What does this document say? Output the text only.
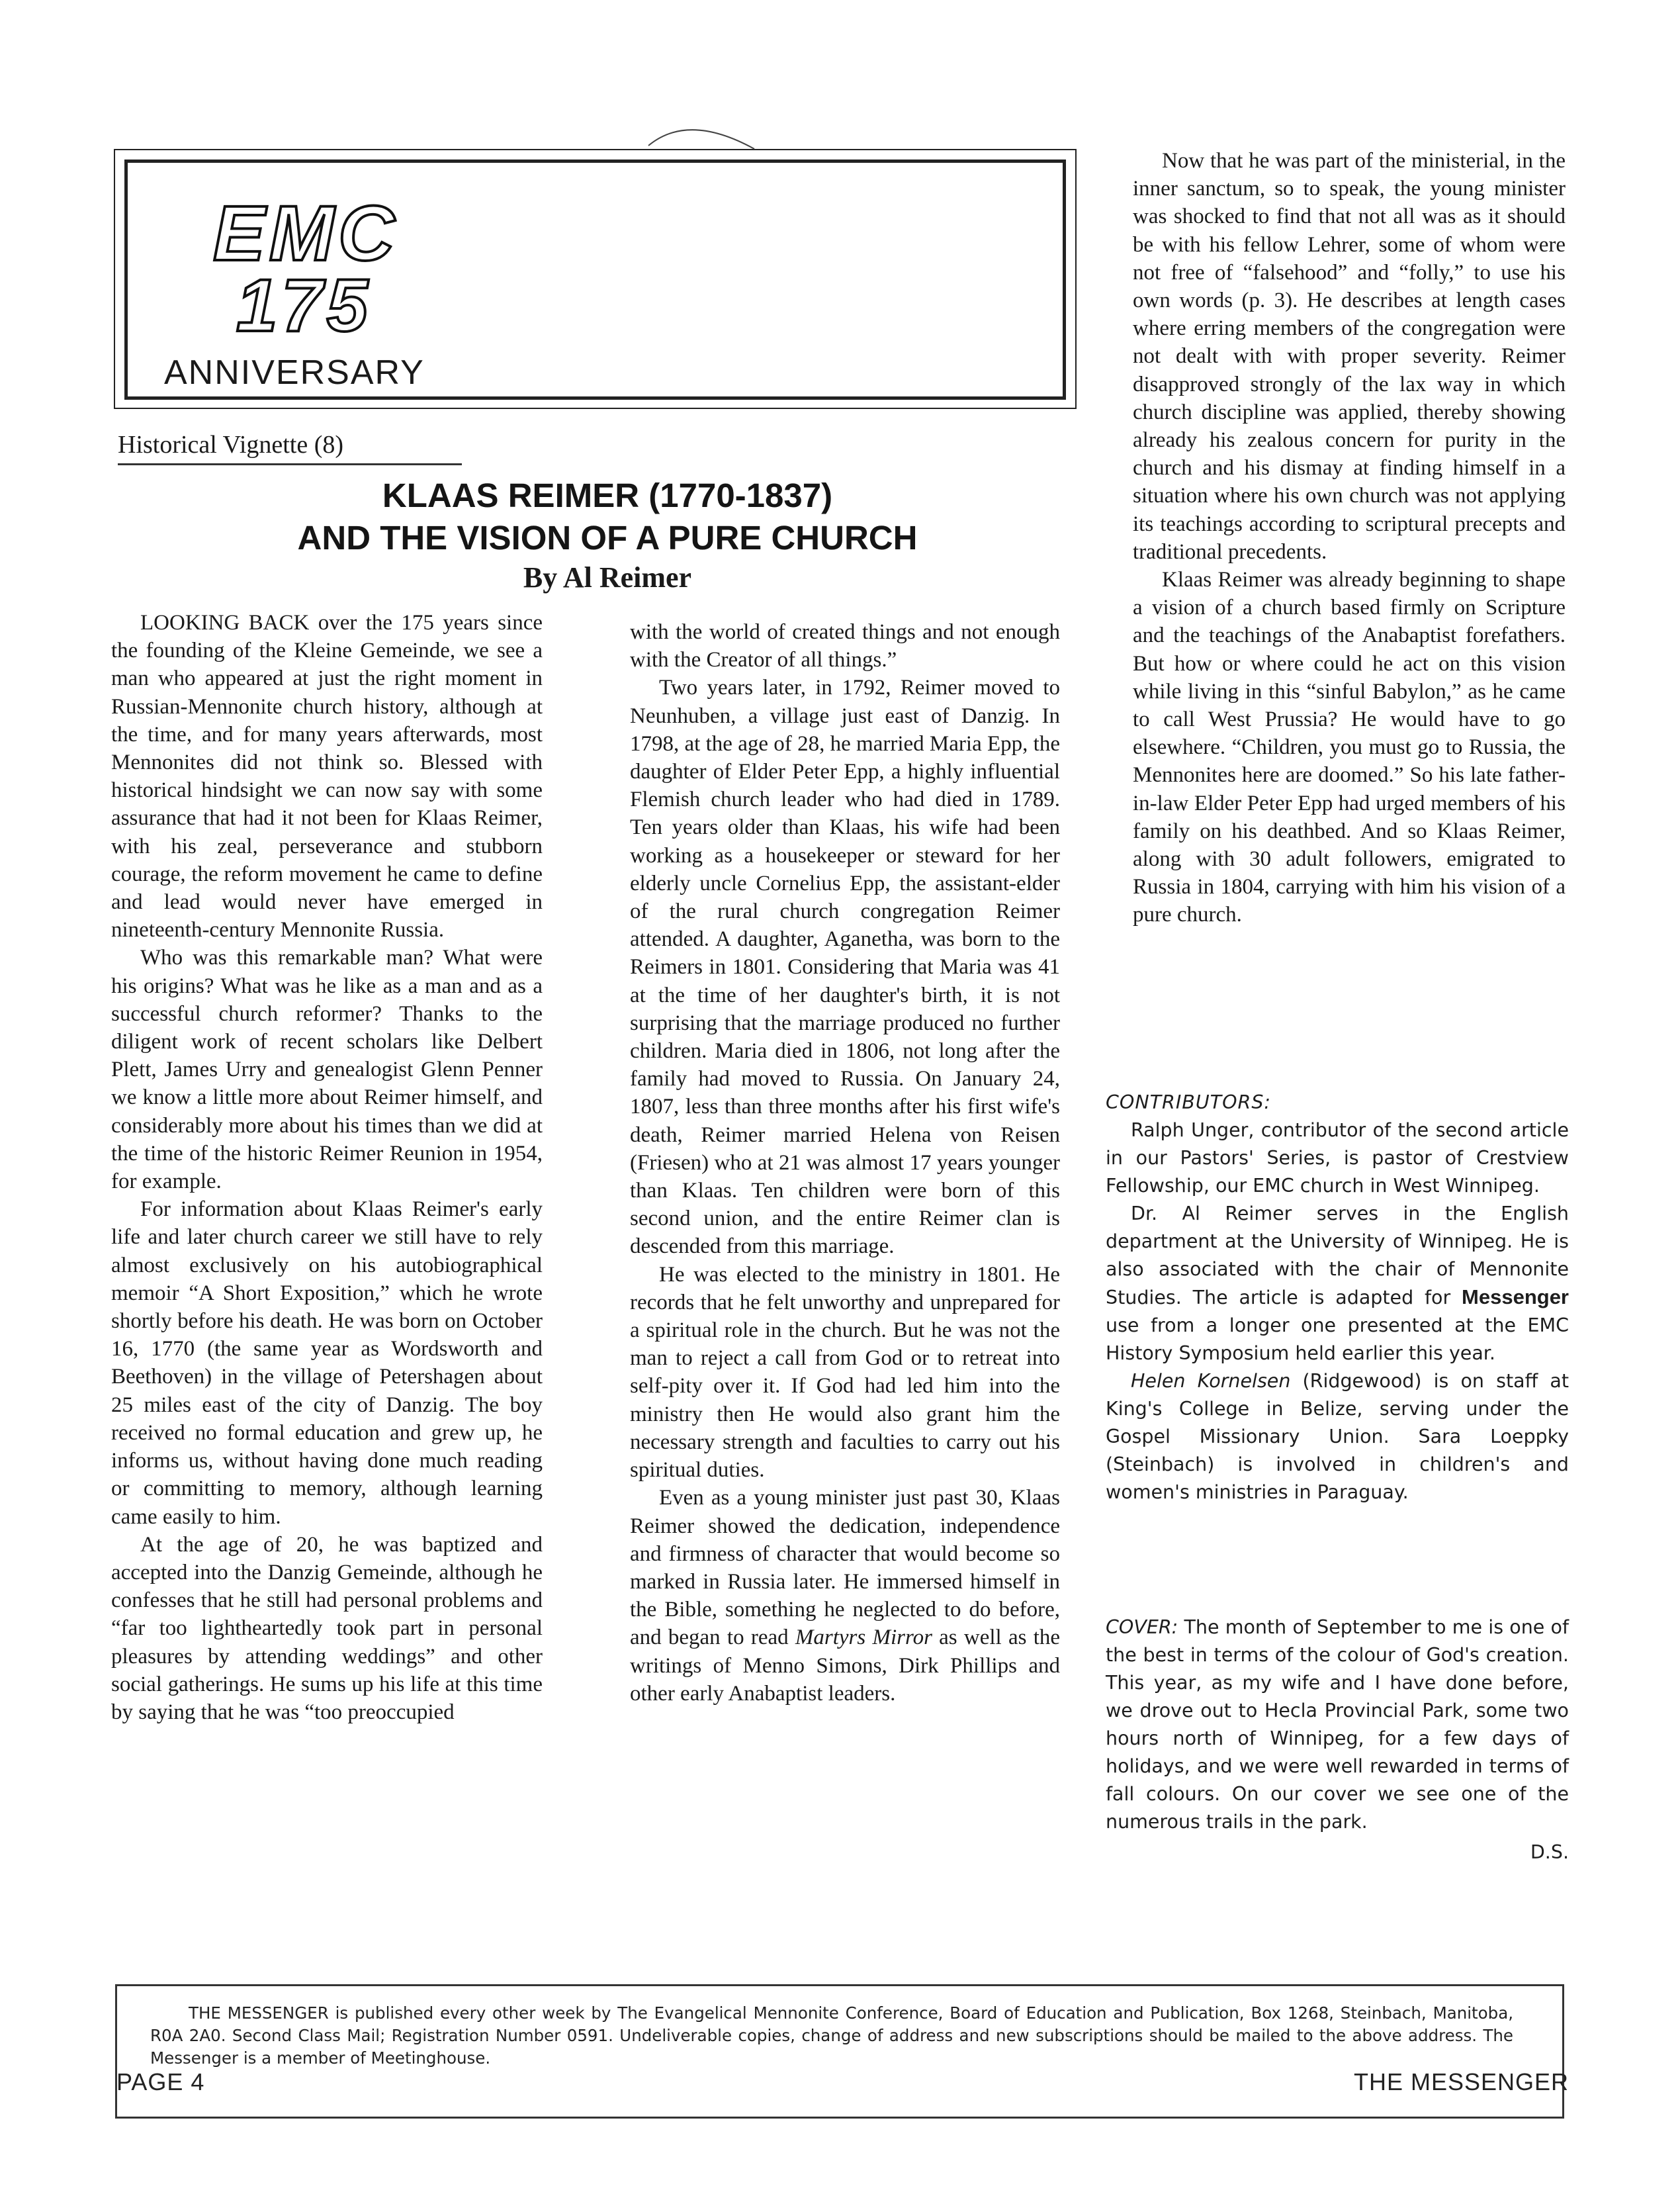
EMC
175
ANNIVERSARY
Historical Vignette (8)
KLAAS REIMER (1770-1837)
AND THE VISION OF A PURE CHURCH
By Al Reimer

LOOKING BACK over the 175 years since the founding of the Kleine Gemeinde, we see a man who appeared at just the right moment in Russian-Mennonite church history, although at the time, and for many years afterwards, most Mennonites did not think so. Blessed with historical hindsight we can now say with some assurance that had it not been for Klaas Reimer, with his zeal, perseverance and stubborn courage, the reform movement he came to define and lead would never have emerged in nineteenth-century Mennonite Russia.

Who was this remarkable man? What were his origins? What was he like as a man and as a successful church reformer? Thanks to the diligent work of recent scholars like Delbert Plett, James Urry and genealogist Glenn Penner we know a little more about Reimer himself, and considerably more about his times than we did at the time of the historic Reimer Reunion in 1954, for example.

For information about Klaas Reimer's early life and later church career we still have to rely almost exclusively on his autobiographical memoir “A Short Exposition,” which he wrote shortly before his death. He was born on October 16, 1770 (the same year as Wordsworth and Beethoven) in the village of Petershagen about 25 miles east of the city of Danzig. The boy received no formal education and grew up, he informs us, without having done much reading or committing to memory, although learning came easily to him.

At the age of 20, he was baptized and accepted into the Danzig Gemeinde, although he confesses that he still had personal problems and “far too lightheartedly took part in personal pleasures by attending weddings” and other social gatherings. He sums up his life at this time by saying that he was “too preoccupied

with the world of created things and not enough with the Creator of all things.”

Two years later, in 1792, Reimer moved to Neunhuben, a village just east of Danzig. In 1798, at the age of 28, he married Maria Epp, the daughter of Elder Peter Epp, a highly influential Flemish church leader who had died in 1789. Ten years older than Klaas, his wife had been working as a housekeeper or steward for her elderly uncle Cornelius Epp, the assistant-elder of the rural church congregation Reimer attended. A daughter, Aganetha, was born to the Reimers in 1801. Considering that Maria was 41 at the time of her daughter's birth, it is not surprising that the marriage produced no further children. Maria died in 1806, not long after the family had moved to Russia. On January 24, 1807, less than three months after his first wife's death, Reimer married Helena von Reisen (Friesen) who at 21 was almost 17 years younger than Klaas. Ten children were born of this second union, and the entire Reimer clan is descended from this marriage.

He was elected to the ministry in 1801. He records that he felt unworthy and unprepared for a spiritual role in the church. But he was not the man to reject a call from God or to retreat into self-pity over it. If God had led him into the ministry then He would also grant him the necessary strength and faculties to carry out his spiritual duties.

Even as a young minister just past 30, Klaas Reimer showed the dedication, independence and firmness of character that would become so marked in Russia later. He immersed himself in the Bible, something he neglected to do before, and began to read Martyrs Mirror as well as the writings of Menno Simons, Dirk Phillips and other early Anabaptist leaders.

Now that he was part of the ministerial, in the inner sanctum, so to speak, the young minister was shocked to find that not all was as it should be with his fellow Lehrer, some of whom were not free of “falsehood” and “folly,” to use his own words (p. 3). He describes at length cases where erring members of the congregation were not dealt with with proper severity. Reimer disapproved strongly of the lax way in which church discipline was applied, thereby showing already his zealous concern for purity in the church and his dismay at finding himself in a situation where his own church was not applying its teachings according to scriptural precepts and traditional precedents.

Klaas Reimer was already beginning to shape a vision of a church based firmly on Scripture and the teachings of the Anabaptist forefathers. But how or where could he act on this vision while living in this “sinful Babylon,” as he came to call West Prussia? He would have to go elsewhere. “Children, you must go to Russia, the Mennonites here are doomed.” So his late father-in-law Elder Peter Epp had urged members of his family on his deathbed. And so Klaas Reimer, along with 30 adult followers, emigrated to Russia in 1804, carrying with him his vision of a pure church.

CONTRIBUTORS:

Ralph Unger, contributor of the second article in our Pastors' Series, is pastor of Crestview Fellowship, our EMC church in West Winnipeg.

Dr. Al Reimer serves in the English department at the University of Winnipeg. He is also associated with the chair of Mennonite Studies. The article is adapted for Messenger use from a longer one presented at the EMC History Symposium held earlier this year.

Helen Kornelsen (Ridgewood) is on staff at King's College in Belize, serving under the Gospel Missionary Union. Sara Loeppky (Steinbach) is involved in children's and women's ministries in Paraguay.

COVER: The month of September to me is one of the best in terms of the colour of God's creation. This year, as my wife and I have done before, we drove out to Hecla Provincial Park, some two hours north of Winnipeg, for a few days of holidays, and we were well rewarded in terms of fall colours. On our cover we see one of the numerous trails in the park.

D.S.

THE MESSENGER is published every other week by The Evangelical Mennonite Conference, Board of Education and Publication, Box 1268, Steinbach, Manitoba, R0A 2A0. Second Class Mail; Registration Number 0591. Undeliverable copies, change of address and new subscriptions should be mailed to the above address. The Messenger is a member of Meetinghouse.
PAGE 4	THE MESSENGER
